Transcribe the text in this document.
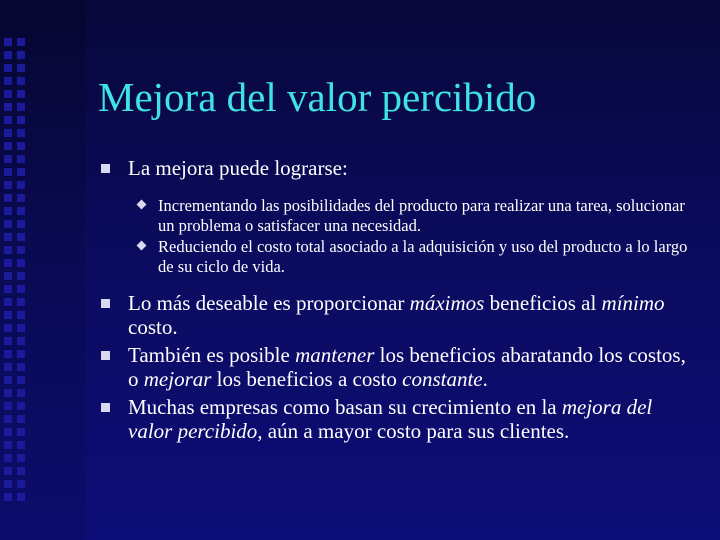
Mejora del valor percibido
La mejora puede lograrse:
Incrementando las posibilidades del producto para realizar una tarea, solucionar un problema o satisfacer una necesidad.
Reduciendo el costo total asociado a la adquisición y uso del producto a lo largo de su ciclo de vida.
Lo más deseable es proporcionar máximos beneficios al mínimo costo.
También es posible mantener los beneficios abaratando los costos, o mejorar los beneficios a costo constante.
Muchas empresas como basan su crecimiento en la mejora del valor percibido, aún a mayor costo para sus clientes.
